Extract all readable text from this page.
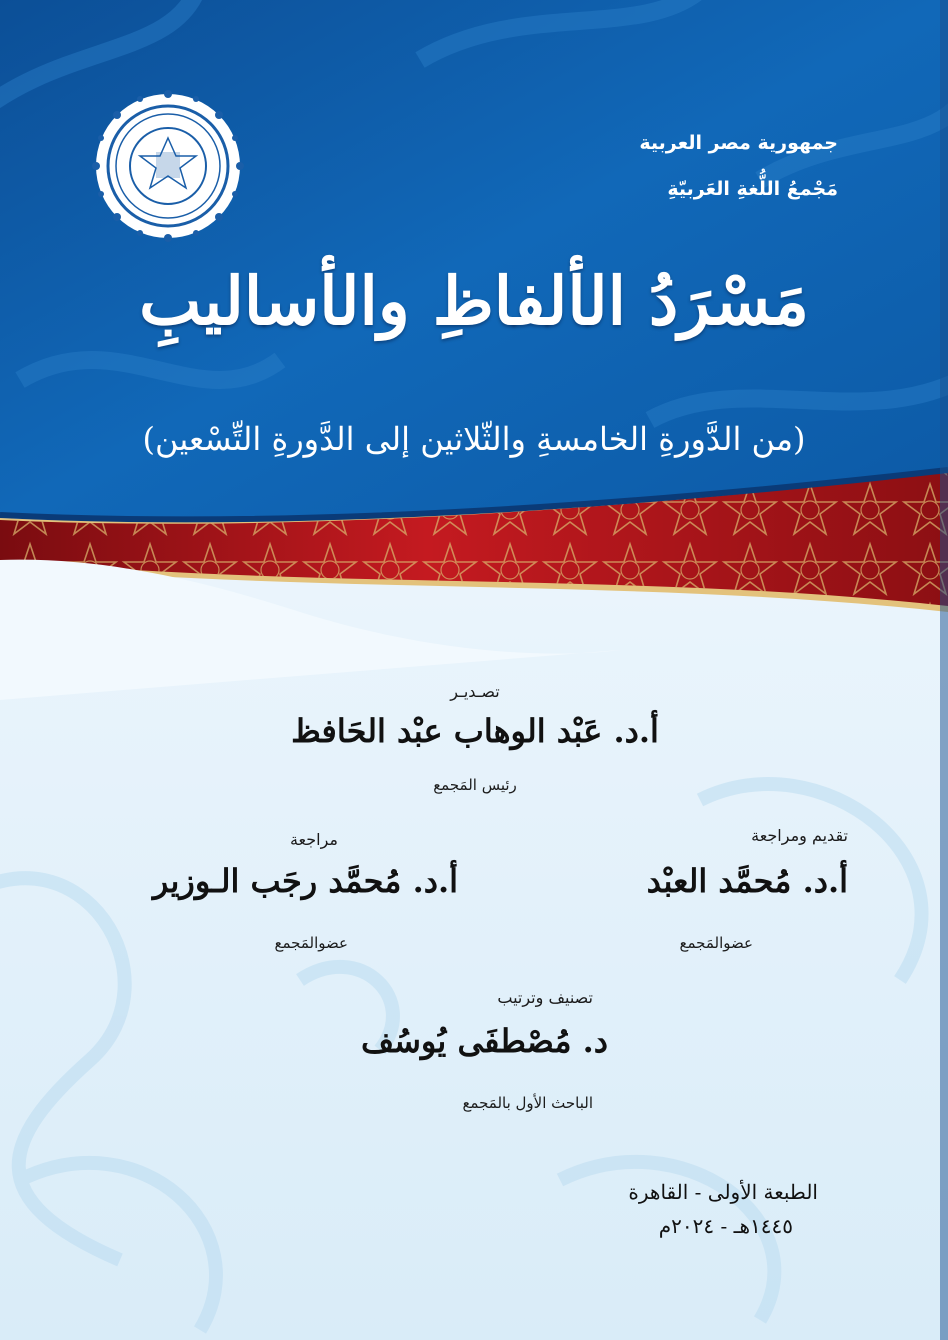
جمهورية مصر العربية
مَجْمعُ اللُّغةِ العَربيّةِ
مَسْرَدُ الألفاظِ والأساليبِ
(من الدَّورةِ الخامسةِ والثّلاثين إلى الدَّورةِ التِّسْعين)
تصـديـر
أ.د. عَبْد الوهاب عبْد الحَافظ
رئيس المَجمع
تقديم ومراجعة
أ.د. مُحمَّد العبْد
عضوالمَجمع
مراجعة
أ.د. مُحمَّد رجَب الـوزير
عضوالمَجمع
تصنيف وترتيب
د. مُصْطفَى يُوسُف
الباحث الأول بالمَجمع
الطبعة الأولى - القاهرة
١٤٤٥هـ - ٢٠٢٤م
